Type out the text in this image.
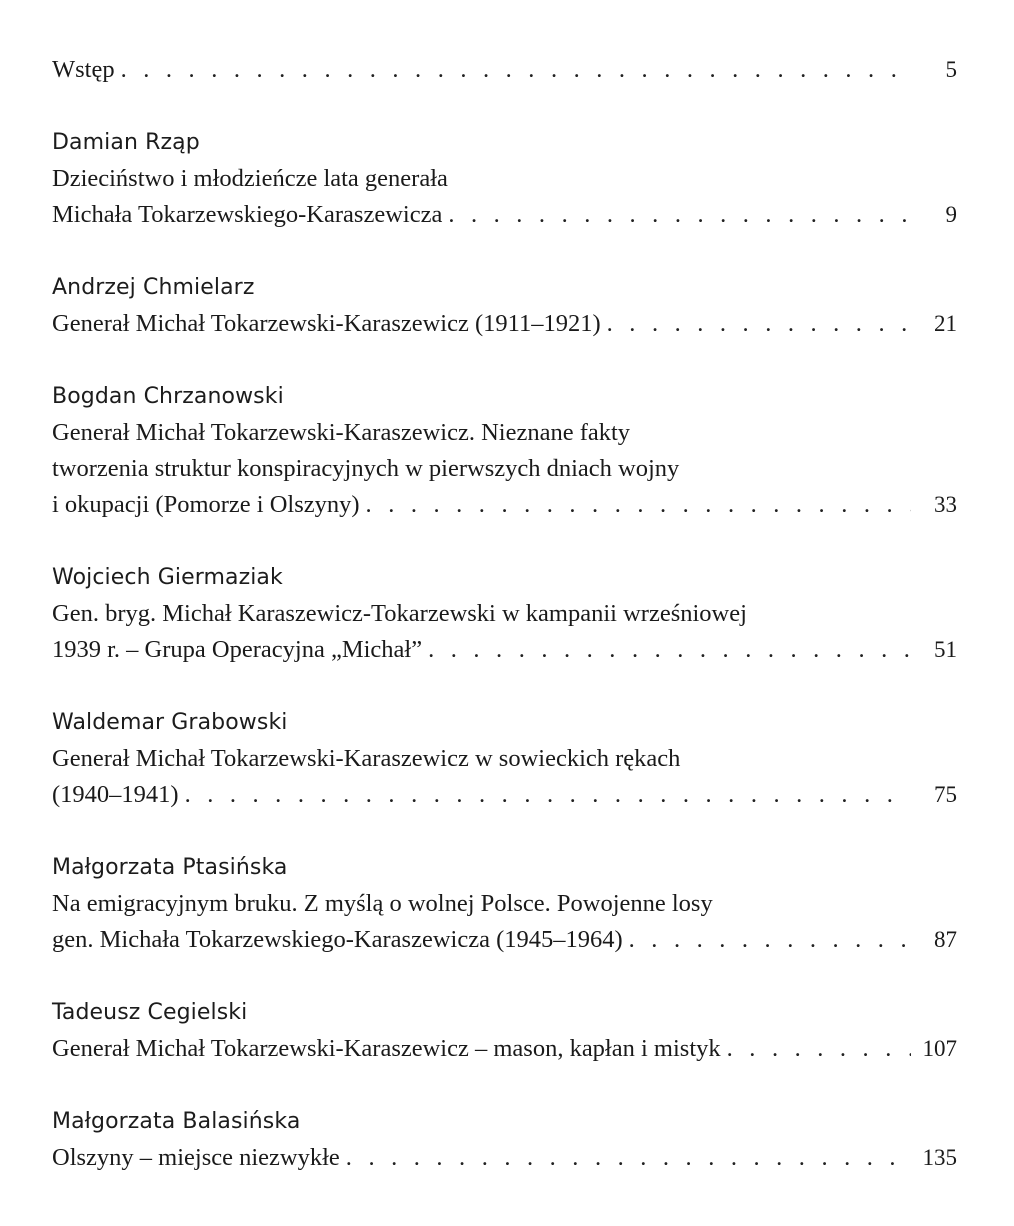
Wstęp . . .	5
Damian Rząp
Dzieciństwo i młodzieńcze lata generała
Michała Tokarzewskiego-Karaszewicza . . .	9
Andrzej Chmielarz
Generał Michał Tokarzewski-Karaszewicz (1911–1921) . . .	21
Bogdan Chrzanowski
Generał Michał Tokarzewski-Karaszewicz. Nieznane fakty
tworzenia struktur konspiracyjnych w pierwszych dniach wojny
i okupacji (Pomorze i Olszyny) . . .	33
Wojciech Giermaziak
Gen. bryg. Michał Karaszewicz-Tokarzewski w kampanii wrześniowej
1939 r. – Grupa Operacyjna „Michał” . . .	51
Waldemar Grabowski
Generał Michał Tokarzewski-Karaszewicz w sowieckich rękach
(1940–1941) . . .	75
Małgorzata Ptasińska
Na emigracyjnym bruku. Z myślą o wolnej Polsce. Powojenne losy
gen. Michała Tokarzewskiego-Karaszewicza (1945–1964) . . .	87
Tadeusz Cegielski
Generał Michał Tokarzewski-Karaszewicz – mason, kapłan i mistyk . . .	107
Małgorzata Balasińska
Olszyny – miejsce niezwykłe . . .	135
